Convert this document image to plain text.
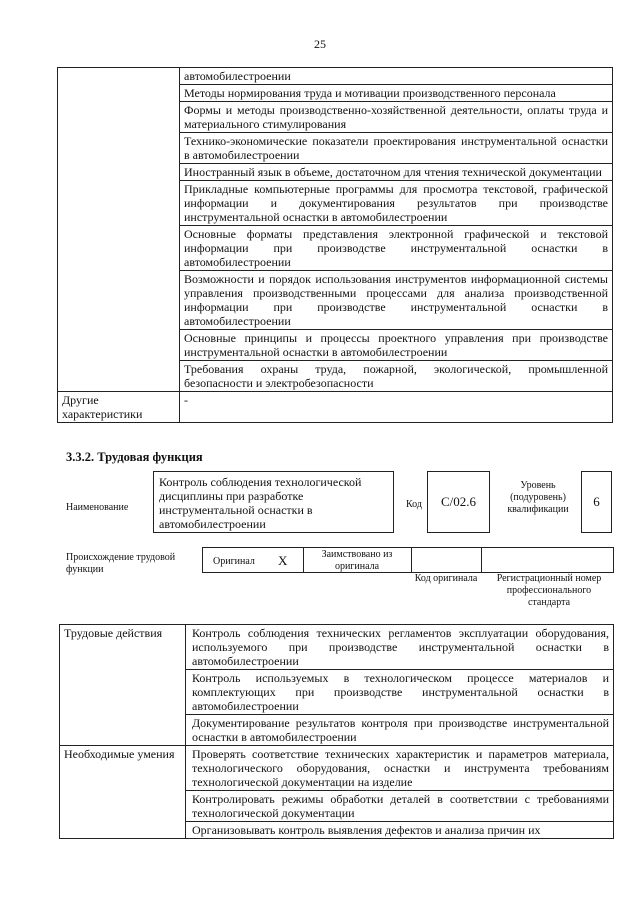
25
	автомобилестроении
	Методы нормирования труда и мотивации производственного персонала
	Формы и методы производственно-хозяйственной деятельности, оплаты труда и материального стимулирования
	Технико-экономические показатели проектирования инструментальной оснастки в автомобилестроении
	Иностранный язык в объеме, достаточном для чтения технической документации
	Прикладные компьютерные программы для просмотра текстовой, графической информации и документирования результатов при производстве инструментальной оснастки в автомобилестроении
	Основные форматы представления электронной графической и текстовой информации при производстве инструментальной оснастки в автомобилестроении
	Возможности и порядок использования инструментов информационной системы управления производственными процессами для анализа производственной информации при производстве инструментальной оснастки в автомобилестроении
	Основные принципы и процессы проектного управления при производстве инструментальной оснастки в автомобилестроении
	Требования охраны труда, пожарной, экологической, промышленной безопасности и электробезопасности
Другие характеристики	-
3.3.2. Трудовая функция
Наименование
Контроль соблюдения технологической дисциплины при разработке инструментальной оснастки в автомобилестроении
Код C/02.6
Уровень (подуровень) квалификации
6
Происхождение трудовой функции
Оригинал X	Заимствовано из оригинала
Код оригинала	Регистрационный номер профессионального стандарта
Трудовые действия	Контроль соблюдения технических регламентов эксплуатации оборудования, используемого при производстве инструментальной оснастки в автомобилестроении
	Контроль используемых в технологическом процессе материалов и комплектующих при производстве инструментальной оснастки в автомобилестроении
	Документирование результатов контроля при производстве инструментальной оснастки в автомобилестроении
Необходимые умения	Проверять соответствие технических характеристик и параметров материала, технологического оборудования, оснастки и инструмента требованиям технологической документации на изделие
	Контролировать режимы обработки деталей в соответствии с требованиями технологической документации
	Организовывать контроль выявления дефектов и анализа причин их
